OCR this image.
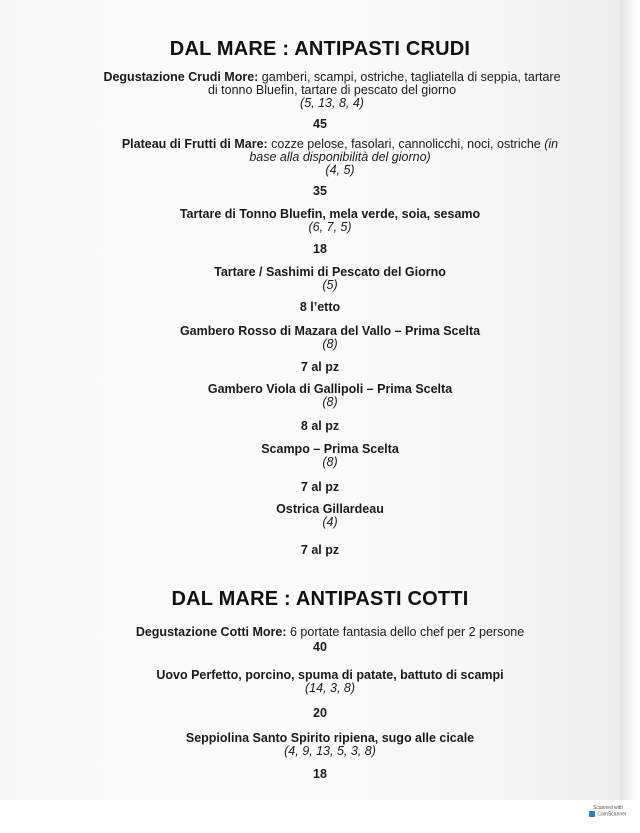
DAL MARE : ANTIPASTI CRUDI
Degustazione Crudi More: gamberi, scampi, ostriche, tagliatella di seppia, tartare
di tonno Bluefin, tartare di pescato del giorno
(5, 13, 8, 4)
45
Plateau di Frutti di Mare: cozze pelose, fasolari, cannolicchi, noci, ostriche (in
base alla disponibilità del giorno)
(4, 5)
35
Tartare di Tonno Bluefin, mela verde, soia, sesamo
(6, 7, 5)
18
Tartare / Sashimi di Pescato del Giorno
(5)
8 l’etto
Gambero Rosso di Mazara del Vallo – Prima Scelta
(8)
7 al pz
Gambero Viola di Gallipoli – Prima Scelta
(8)
8 al pz
Scampo – Prima Scelta
(8)
7 al pz
Ostrica Gillardeau
(4)
7 al pz
DAL MARE : ANTIPASTI COTTI
Degustazione Cotti More: 6 portate fantasia dello chef per 2 persone
40
Uovo Perfetto, porcino, spuma di patate, battuto di scampi
(14, 3, 8)
20
Seppiolina Santo Spirito ripiena, sugo alle cicale
(4, 9, 13, 5, 3, 8)
18
Scanned with
CamScanner
